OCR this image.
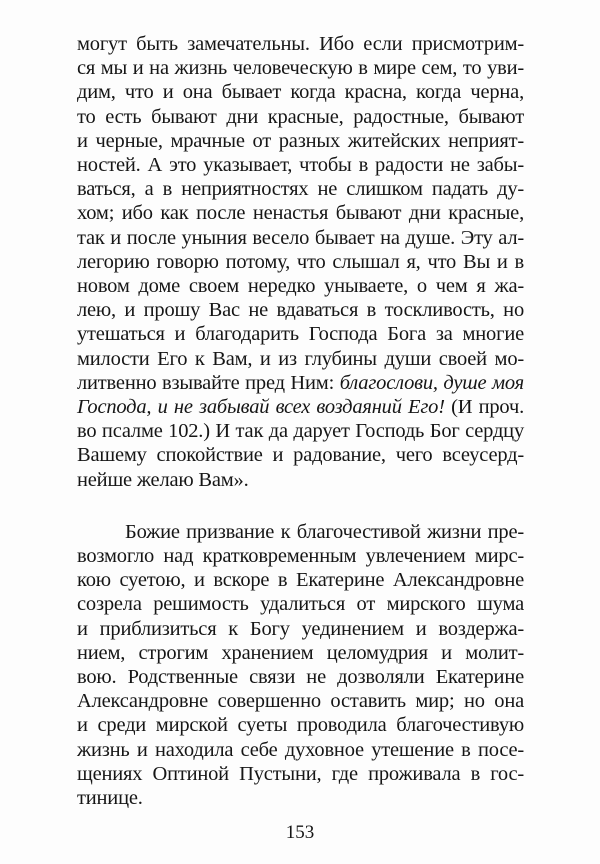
могут быть замечательны. Ибо если присмотрим-
ся мы и на жизнь человеческую в мире сем, то уви-
дим, что и она бывает когда красна, когда черна,
то есть бывают дни красные, радостные, бывают
и черные, мрачные от разных житейских неприят-
ностей. А это указывает, чтобы в радости не забы-
ваться, а в неприятностях не слишком падать ду-
хом; ибо как после ненастья бывают дни красные,
так и после уныния весело бывает на душе. Эту ал-
легорию говорю потому, что слышал я, что Вы и в
новом доме своем нередко унываете, о чем я жа-
лею, и прошу Вас не вдаваться в тоскливость, но
утешаться и благодарить Господа Бога за многие
милости Его к Вам, и из глубины души своей мо-
литвенно взывайте пред Ним: благослови, душе моя
Господа, и не забывай всех воздаяний Его! (И проч.
во псалме 102.) И так да дарует Господь Бог сердцу
Вашему спокойствие и радование, чего всеусерд-
нейше желаю Вам».
Божие призвание к благочестивой жизни пре-
возмогло над кратковременным увлечением мирс-
кою суетою, и вскоре в Екатерине Александровне
созрела решимость удалиться от мирского шума
и приблизиться к Богу уединением и воздержа-
нием, строгим хранением целомудрия и молит-
вою. Родственные связи не дозволяли Екатерине
Александровне совершенно оставить мир; но она
и среди мирской суеты проводила благочестивую
жизнь и находила себе духовное утешение в посе-
щениях Оптиной Пустыни, где проживала в гос-
тинице.
153
